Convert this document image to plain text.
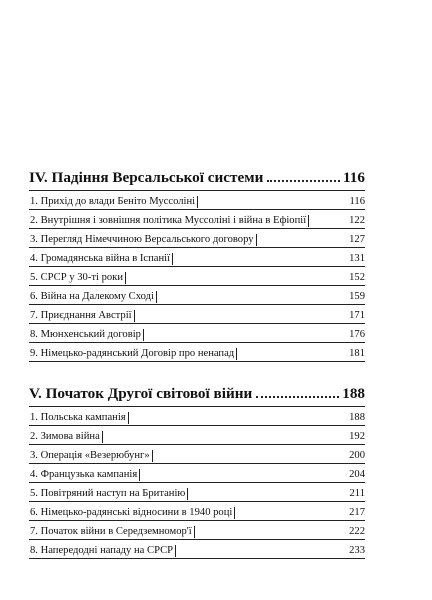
IV. Падіння Версальської системи	116
1. Прихід до влади Беніто Муссоліні	116
2. Внутрішня і зовнішня політика Муссоліні і війна в Ефіопії	122
3. Перегляд Німеччиною Версальського договору	127
4. Громадянська війна в Іспанії	131
5. СРСР у 30-ті роки	152
6. Війна на Далекому Сході	159
7. Приєднання Австрії	171
8. Мюнхенський договір	176
9. Німецько-радянський Договір про ненапад	181
V. Початок Другої світової війни	188
1. Польська кампанія	188
2. Зимова війна	192
3. Операція «Везерюбунг»	200
4. Французька кампанія	204
5. Повітряний наступ на Британію	211
6. Німецько-радянські відносини в 1940 році	217
7. Початок війни в Середземномор'ї	222
8. Напередодні нападу на СРСР	233
